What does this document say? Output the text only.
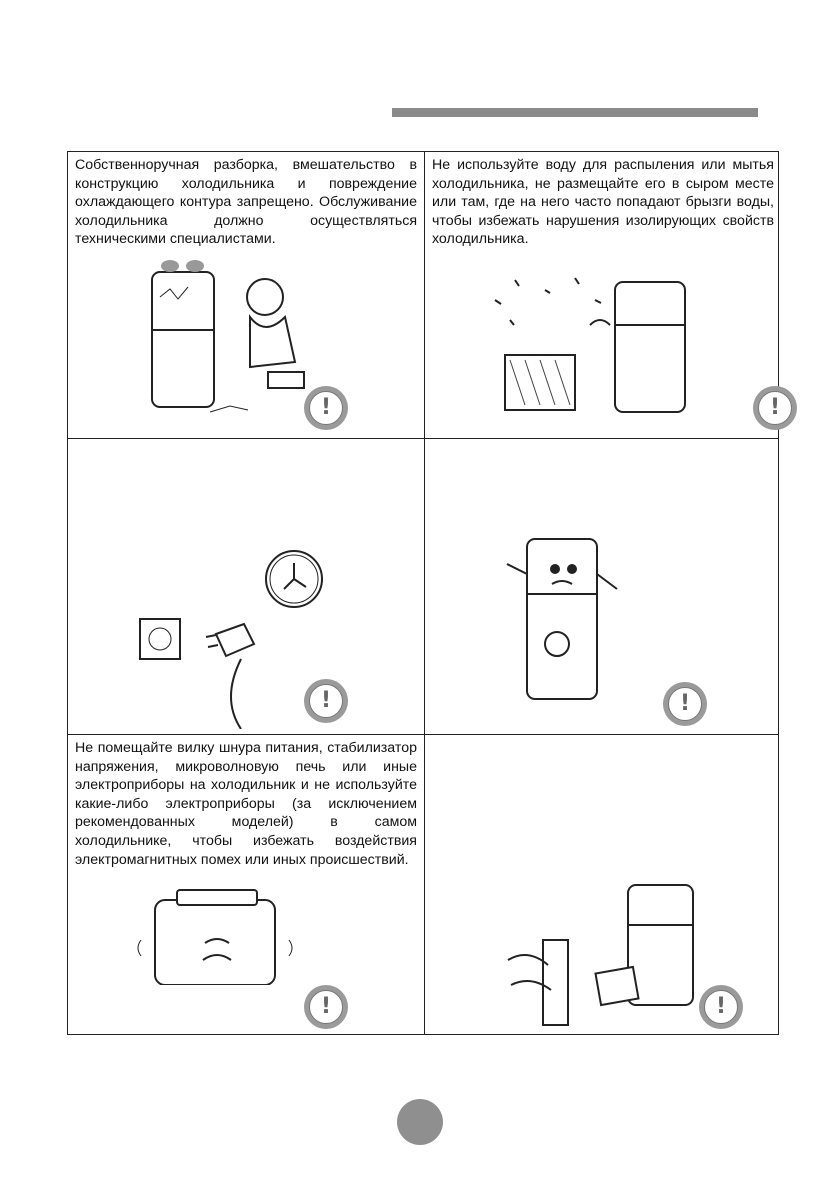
Собственноручная разборка, вмешательство в конструкцию холодильника и повреждение охлаждающего контура запрещено. Обслуживание холодильника должно осуществляться техническими специалистами.
!
Не используйте воду для распыления или мытья холодильника, не размещайте его в сыром месте или там, где на него часто попадают брызги воды, чтобы избежать нарушения изолирующих свойств холодильника.
!
!	!
Не помещайте вилку шнура питания, стабилизатор напряжения, микроволновую печь или иные электроприборы на холодильник и не используйте какие-либо электроприборы (за исключением рекомендованных моделей) в самом холодильнике, чтобы избежать воздействия электромагнитных помех или иных происшествий.
!	!
